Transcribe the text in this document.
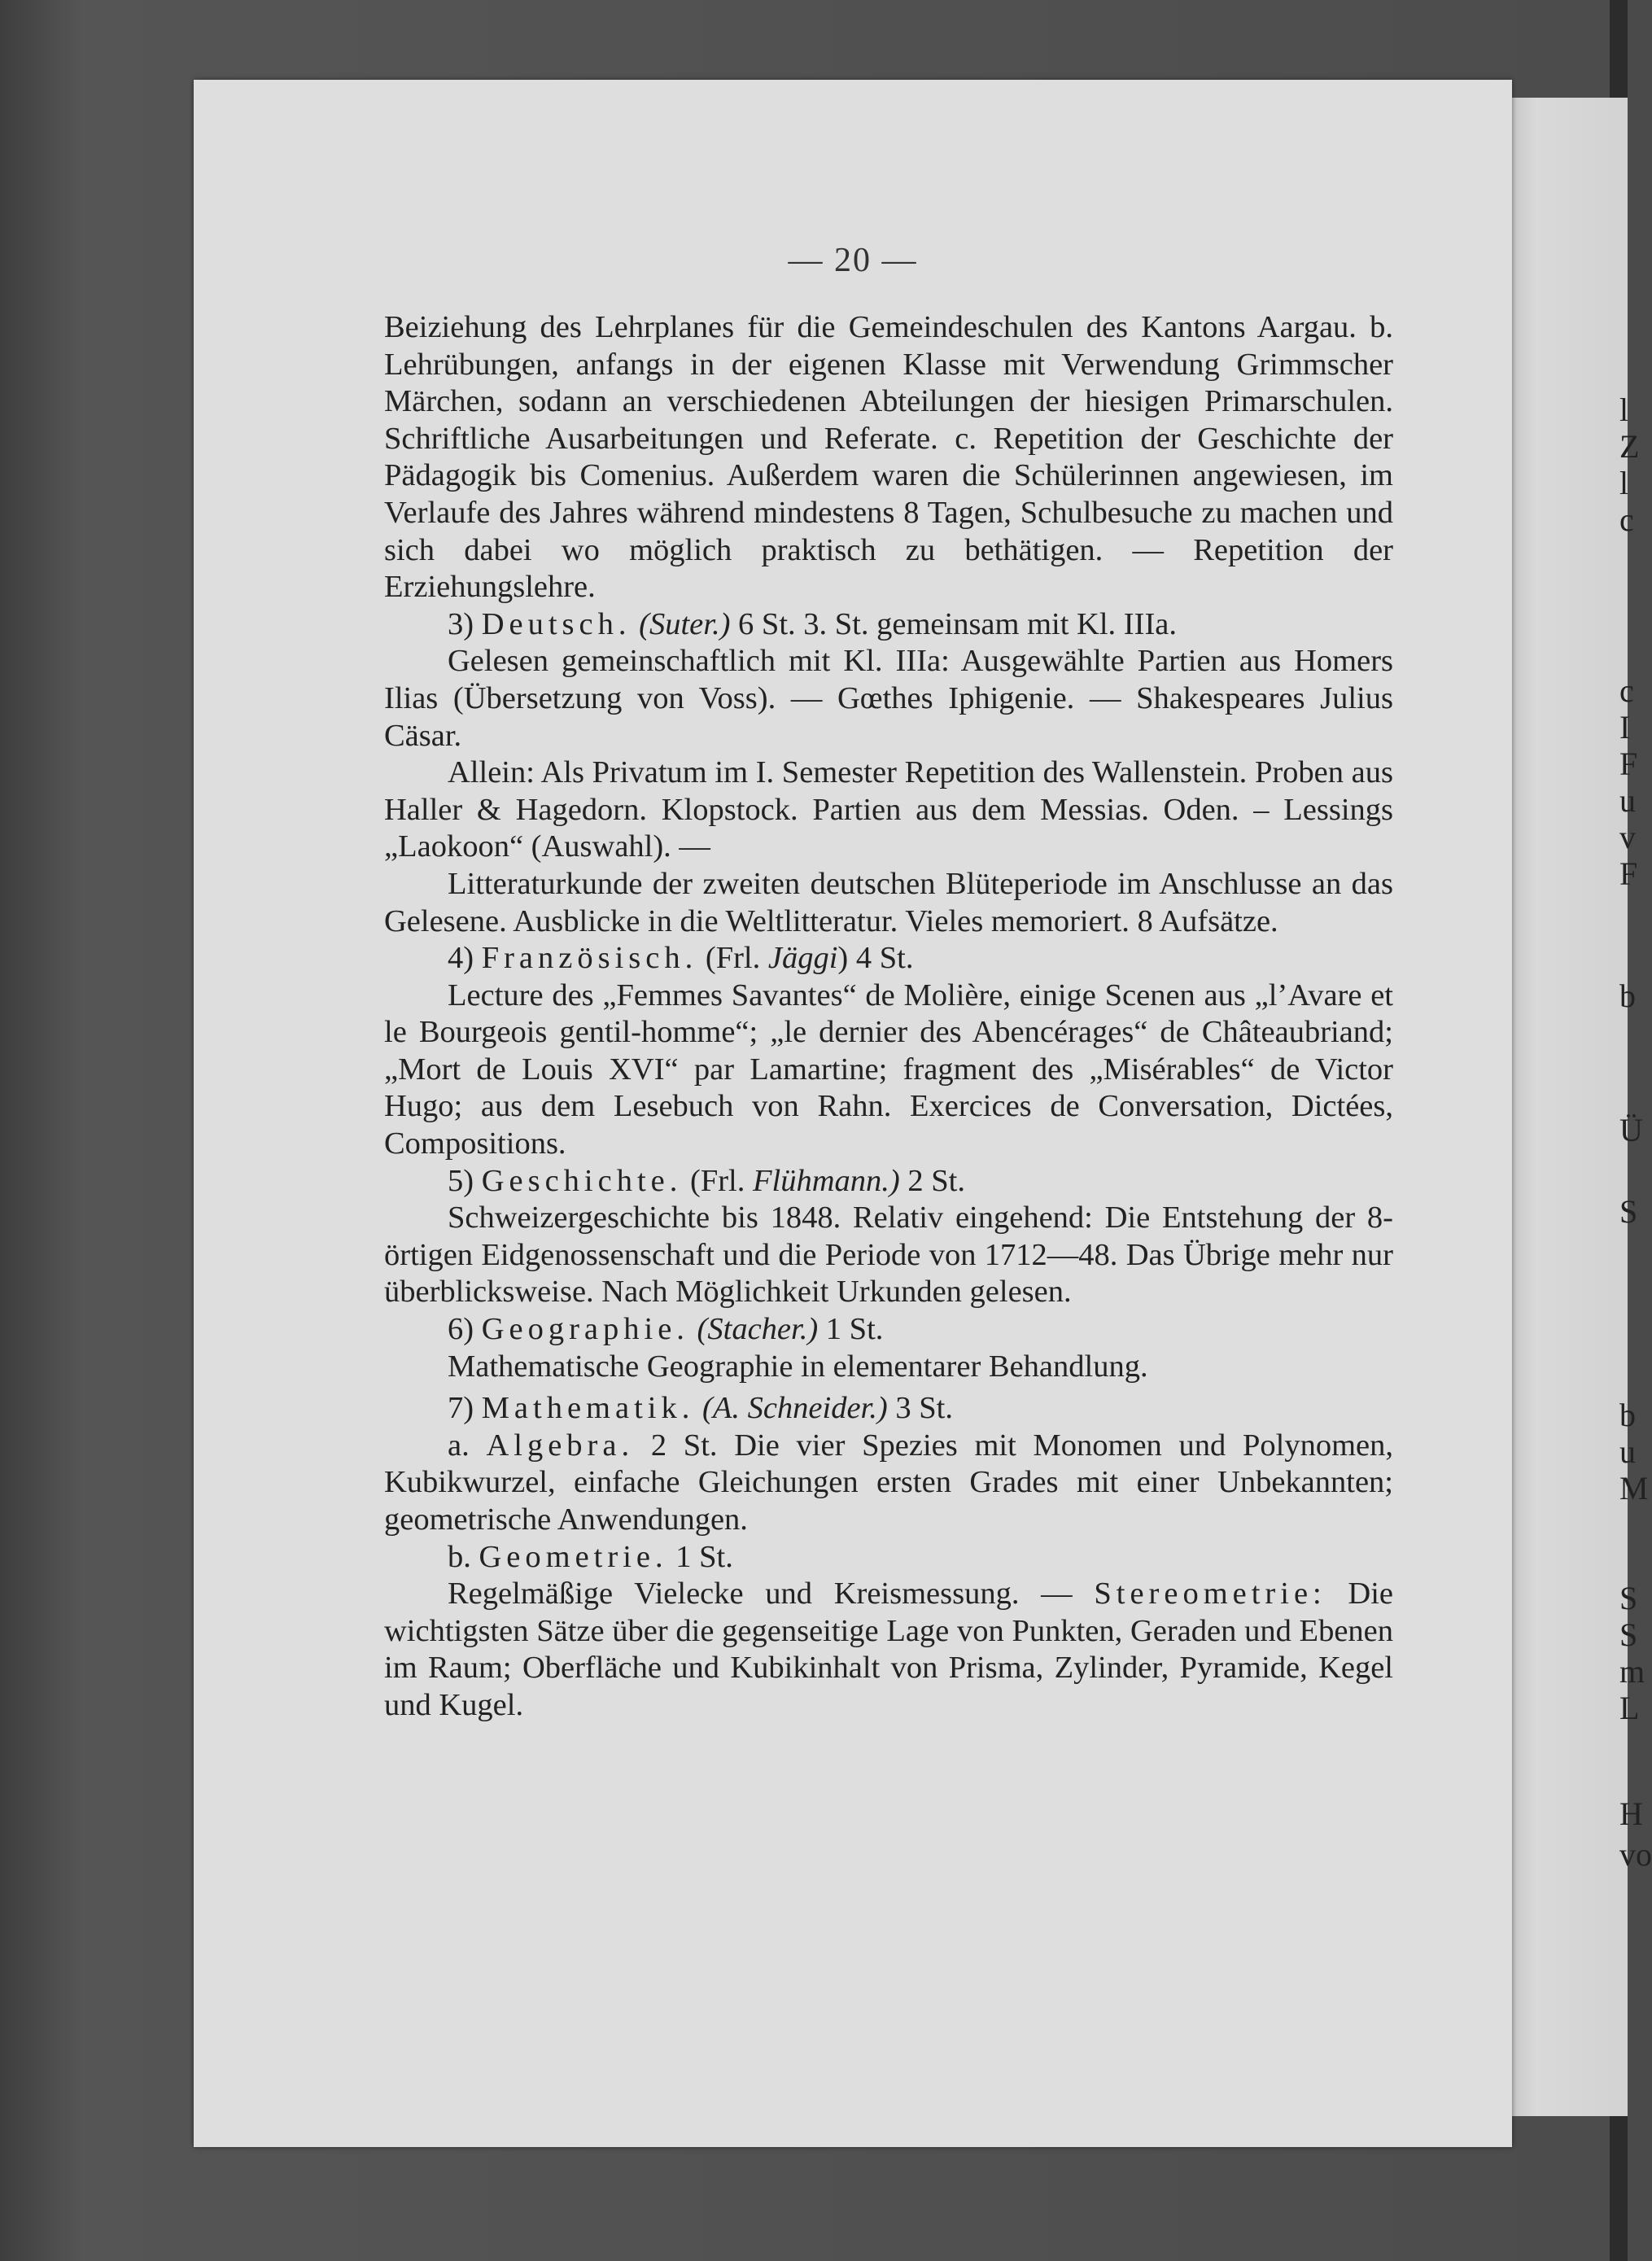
l
Z
l
c
c
I
F
u
v
F
b
Ü
S
b
u
M
S
S
m
L
H
vo
— 20 —

Beiziehung des Lehrplanes für die Gemeindeschulen des Kantons Aargau. b. Lehrübungen, anfangs in der eigenen Klasse mit Verwendung Grimmscher Märchen, sodann an verschiedenen Abteilungen der hiesigen Primarschulen. Schriftliche Ausarbeitungen und Referate. c. Repetition der Geschichte der Pädagogik bis Comenius. Außerdem waren die Schülerinnen angewiesen, im Verlaufe des Jahres während mindestens 8 Tagen, Schulbesuche zu machen und sich dabei wo möglich praktisch zu bethätigen. — Repetition der Erziehungslehre.

3) Deutsch. (Suter.) 6 St. 3. St. gemeinsam mit Kl. IIIa.

Gelesen gemeinschaftlich mit Kl. IIIa: Ausgewählte Partien aus Homers Ilias (Übersetzung von Voss). — Gœthes Iphigenie. — Shakespeares Julius Cäsar.

Allein: Als Privatum im I. Semester Repetition des Wallenstein. Proben aus Haller & Hagedorn. Klopstock. Partien aus dem Messias. Oden. – Lessings „Laokoon“ (Auswahl). —

Litteraturkunde der zweiten deutschen Blüteperiode im Anschlusse an das Gelesene. Ausblicke in die Weltlitteratur. Vieles memoriert. 8 Aufsätze.

4) Französisch. (Frl. Jäggi) 4 St.

Lecture des „Femmes Savantes“ de Molière, einige Scenen aus „l’Avare et le Bourgeois gentil-homme“; „le dernier des Abencérages“ de Châteaubriand; „Mort de Louis XVI“ par Lamartine; fragment des „Misérables“ de Victor Hugo; aus dem Lesebuch von Rahn. Exercices de Conversation, Dictées, Compositions.

5) Geschichte. (Frl. Flühmann.) 2 St.

Schweizergeschichte bis 1848. Relativ eingehend: Die Entstehung der 8-örtigen Eidgenossenschaft und die Periode von 1712—48. Das Übrige mehr nur überblicksweise. Nach Möglichkeit Urkunden gelesen.

6) Geographie. (Stacher.) 1 St.

Mathematische Geographie in elementarer Behandlung.

7) Mathematik. (A. Schneider.) 3 St.

a. Algebra. 2 St. Die vier Spezies mit Monomen und Polynomen, Kubikwurzel, einfache Gleichungen ersten Grades mit einer Unbekannten; geometrische Anwendungen.

b. Geometrie. 1 St.

Regelmäßige Vielecke und Kreismessung. — Stereometrie: Die wichtigsten Sätze über die gegenseitige Lage von Punkten, Geraden und Ebenen im Raum; Oberfläche und Kubikinhalt von Prisma, Zylinder, Pyramide, Kegel und Kugel.
